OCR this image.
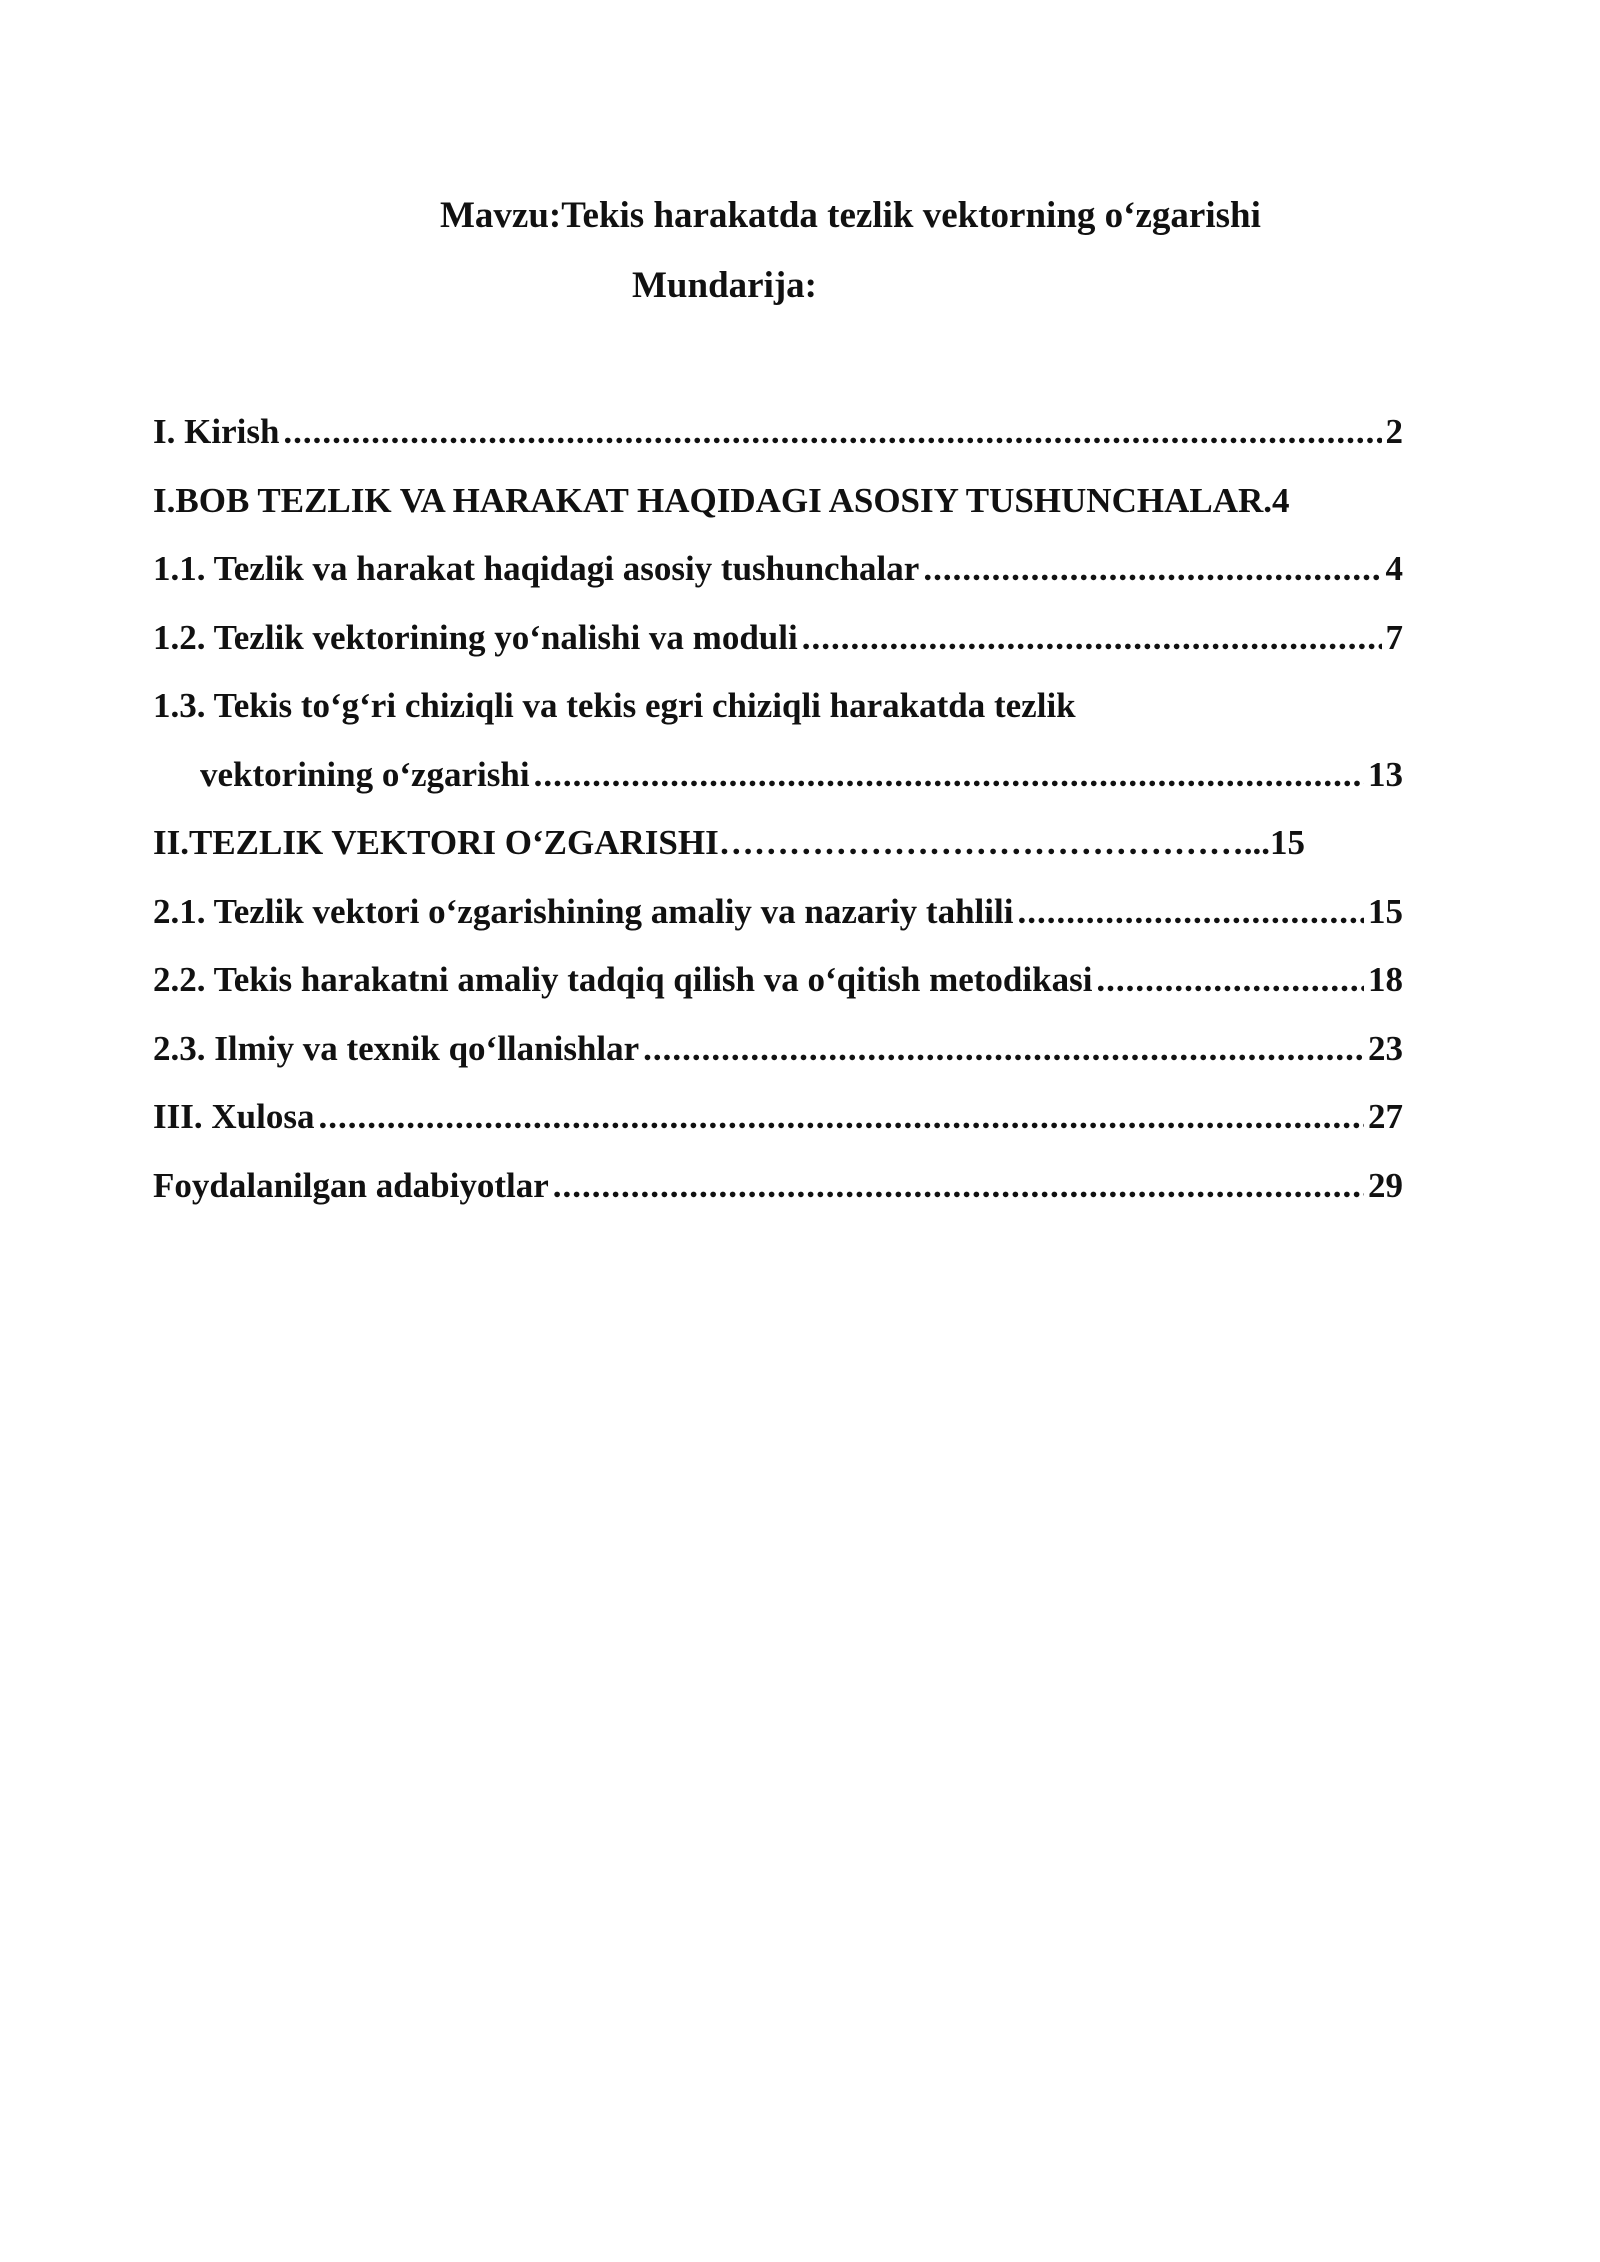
Mavzu:Tekis harakatda tezlik vektorning o‘zgarishi
Mundarija:
I. Kirish .....	2
I.BOB TEZLIK VA HARAKAT HAQIDAGI ASOSIY TUSHUNCHALAR. 4
1.1. Tezlik va harakat haqidagi asosiy tushunchalar .....	4
1.2. Tezlik vektorining yo‘nalishi va moduli .....	7
1.3. Tekis to‘g‘ri chiziqli va tekis egri chiziqli harakatda tezlik
vektorining o‘zgarishi .....	13
II.TEZLIK VEKTORI O‘ZGARISHI………………………………………... 15
2.1. Tezlik vektori o‘zgarishining amaliy va nazariy tahlili .....	15
2.2. Tekis harakatni amaliy tadqiq qilish va o‘qitish metodikasi .....	18
2.3. Ilmiy va texnik qo‘llanishlar .....	23
III. Xulosa .....	27
Foydalanilgan adabiyotlar .....	29
